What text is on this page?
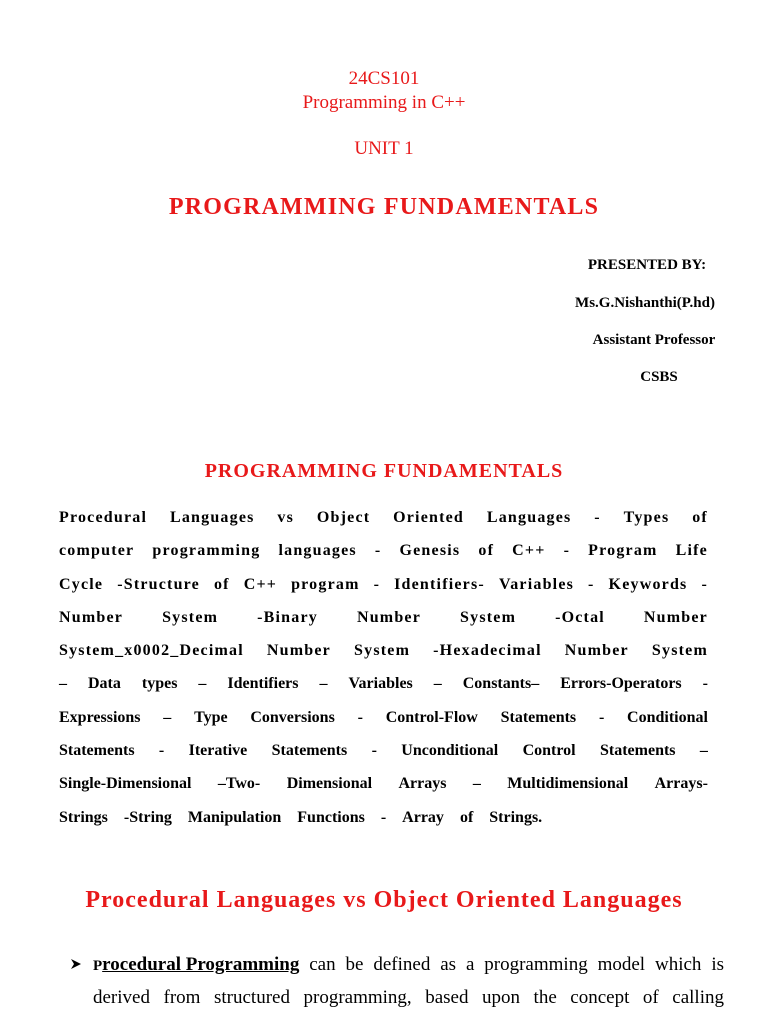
24CS101
Programming in C++
UNIT 1
PROGRAMMING FUNDAMENTALS
PRESENTED BY:
Ms.G.Nishanthi(P.hd)
Assistant Professor
CSBS
PROGRAMMING FUNDAMENTALS
Procedural Languages vs Object Oriented Languages - Types of
computer programming languages - Genesis of C++ - Program Life
Cycle -Structure of C++ program - Identifiers- Variables - Keywords -
Number System -Binary Number System -Octal Number
System_x0002_Decimal Number System -Hexadecimal Number System
– Data types – Identifiers – Variables – Constants– Errors-Operators -
Expressions – Type Conversions - Control-Flow Statements - Conditional
Statements - Iterative Statements - Unconditional Control Statements –
Single-Dimensional –Two- Dimensional Arrays – Multidimensional Arrays-
Strings -String Manipulation Functions - Array of Strings.
Procedural Languages vs Object Oriented Languages
Procedural Programming can be defined as a programming model which is
derived from structured programming, based upon the concept of calling
